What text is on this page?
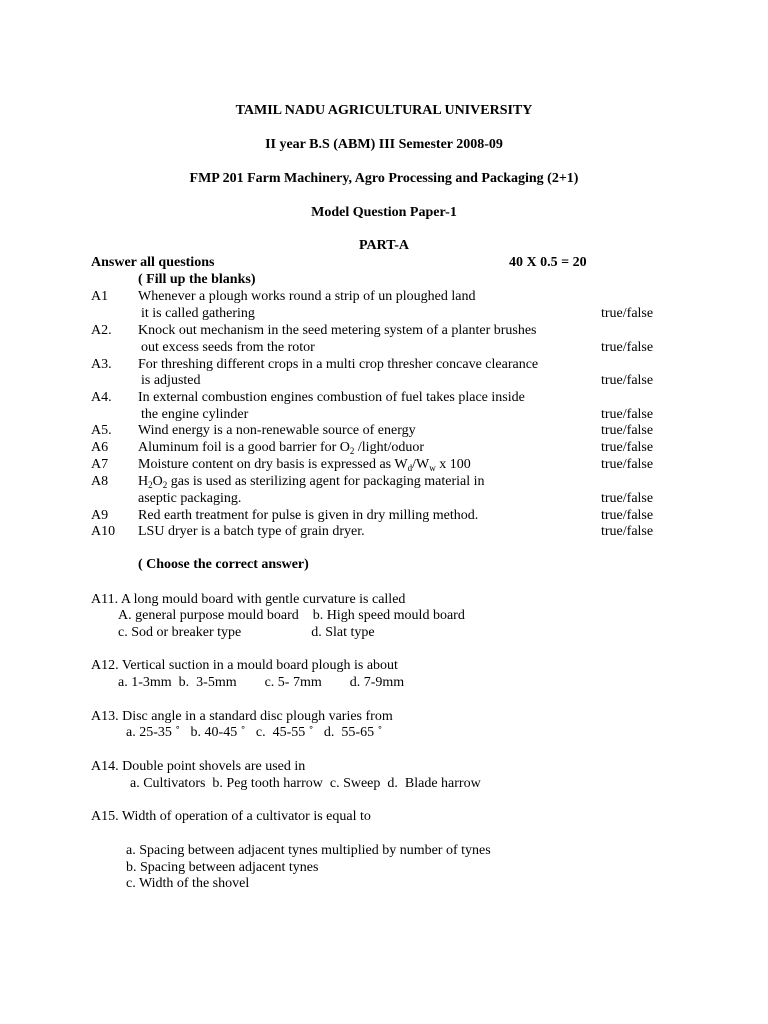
TAMIL NADU AGRICULTURAL UNIVERSITY
II year B.S (ABM) III Semester 2008-09
FMP 201 Farm Machinery, Agro Processing and Packaging (2+1)
Model Question Paper-1
PART-A
Answer all questions	40 X 0.5 = 20
( Fill up the blanks)
A1 Whenever a plough works round a strip of un ploughed land
it is called gathering	true/false
A2. Knock out mechanism in the seed metering system of a planter brushes
out excess seeds from the rotor	true/false
A3. For threshing different crops in a multi crop thresher concave clearance
is adjusted	true/false
A4. In external combustion engines combustion of fuel takes place inside
the engine cylinder	true/false
A5. Wind energy is a non-renewable source of energy	true/false
A6 Aluminum foil is a good barrier for $O_2$ /light/oduor	true/false
A7 Moisture content on dry basis is expressed as $W_d/W_w$ x 100	true/false
A8 $H_2O_2$ gas is used as sterilizing agent for packaging material in
aseptic packaging.	true/false
A9 Red earth treatment for pulse is given in dry milling method.	true/false
A10 LSU dryer is a batch type of grain dryer.	true/false
( Choose the correct answer)
A11. A long mould board with gentle curvature is called
A. general purpose mould board    b. High speed mould board
c. Sod or breaker type                    d. Slat type
A12. Vertical suction in a mould board plough is about
a. 1-3mm  b.  3-5mm        c. 5- 7mm        d. 7-9mm
A13. Disc angle in a standard disc plough varies from
a. 25-35 ˚   b. 40-45 ˚   c.  45-55 ˚   d.  55-65 ˚
A14. Double point shovels are used in
a. Cultivators  b. Peg tooth harrow  c. Sweep  d.  Blade harrow
A15. Width of operation of a cultivator is equal to
a. Spacing between adjacent tynes multiplied by number of tynes
b. Spacing between adjacent tynes
c. Width of the shovel
